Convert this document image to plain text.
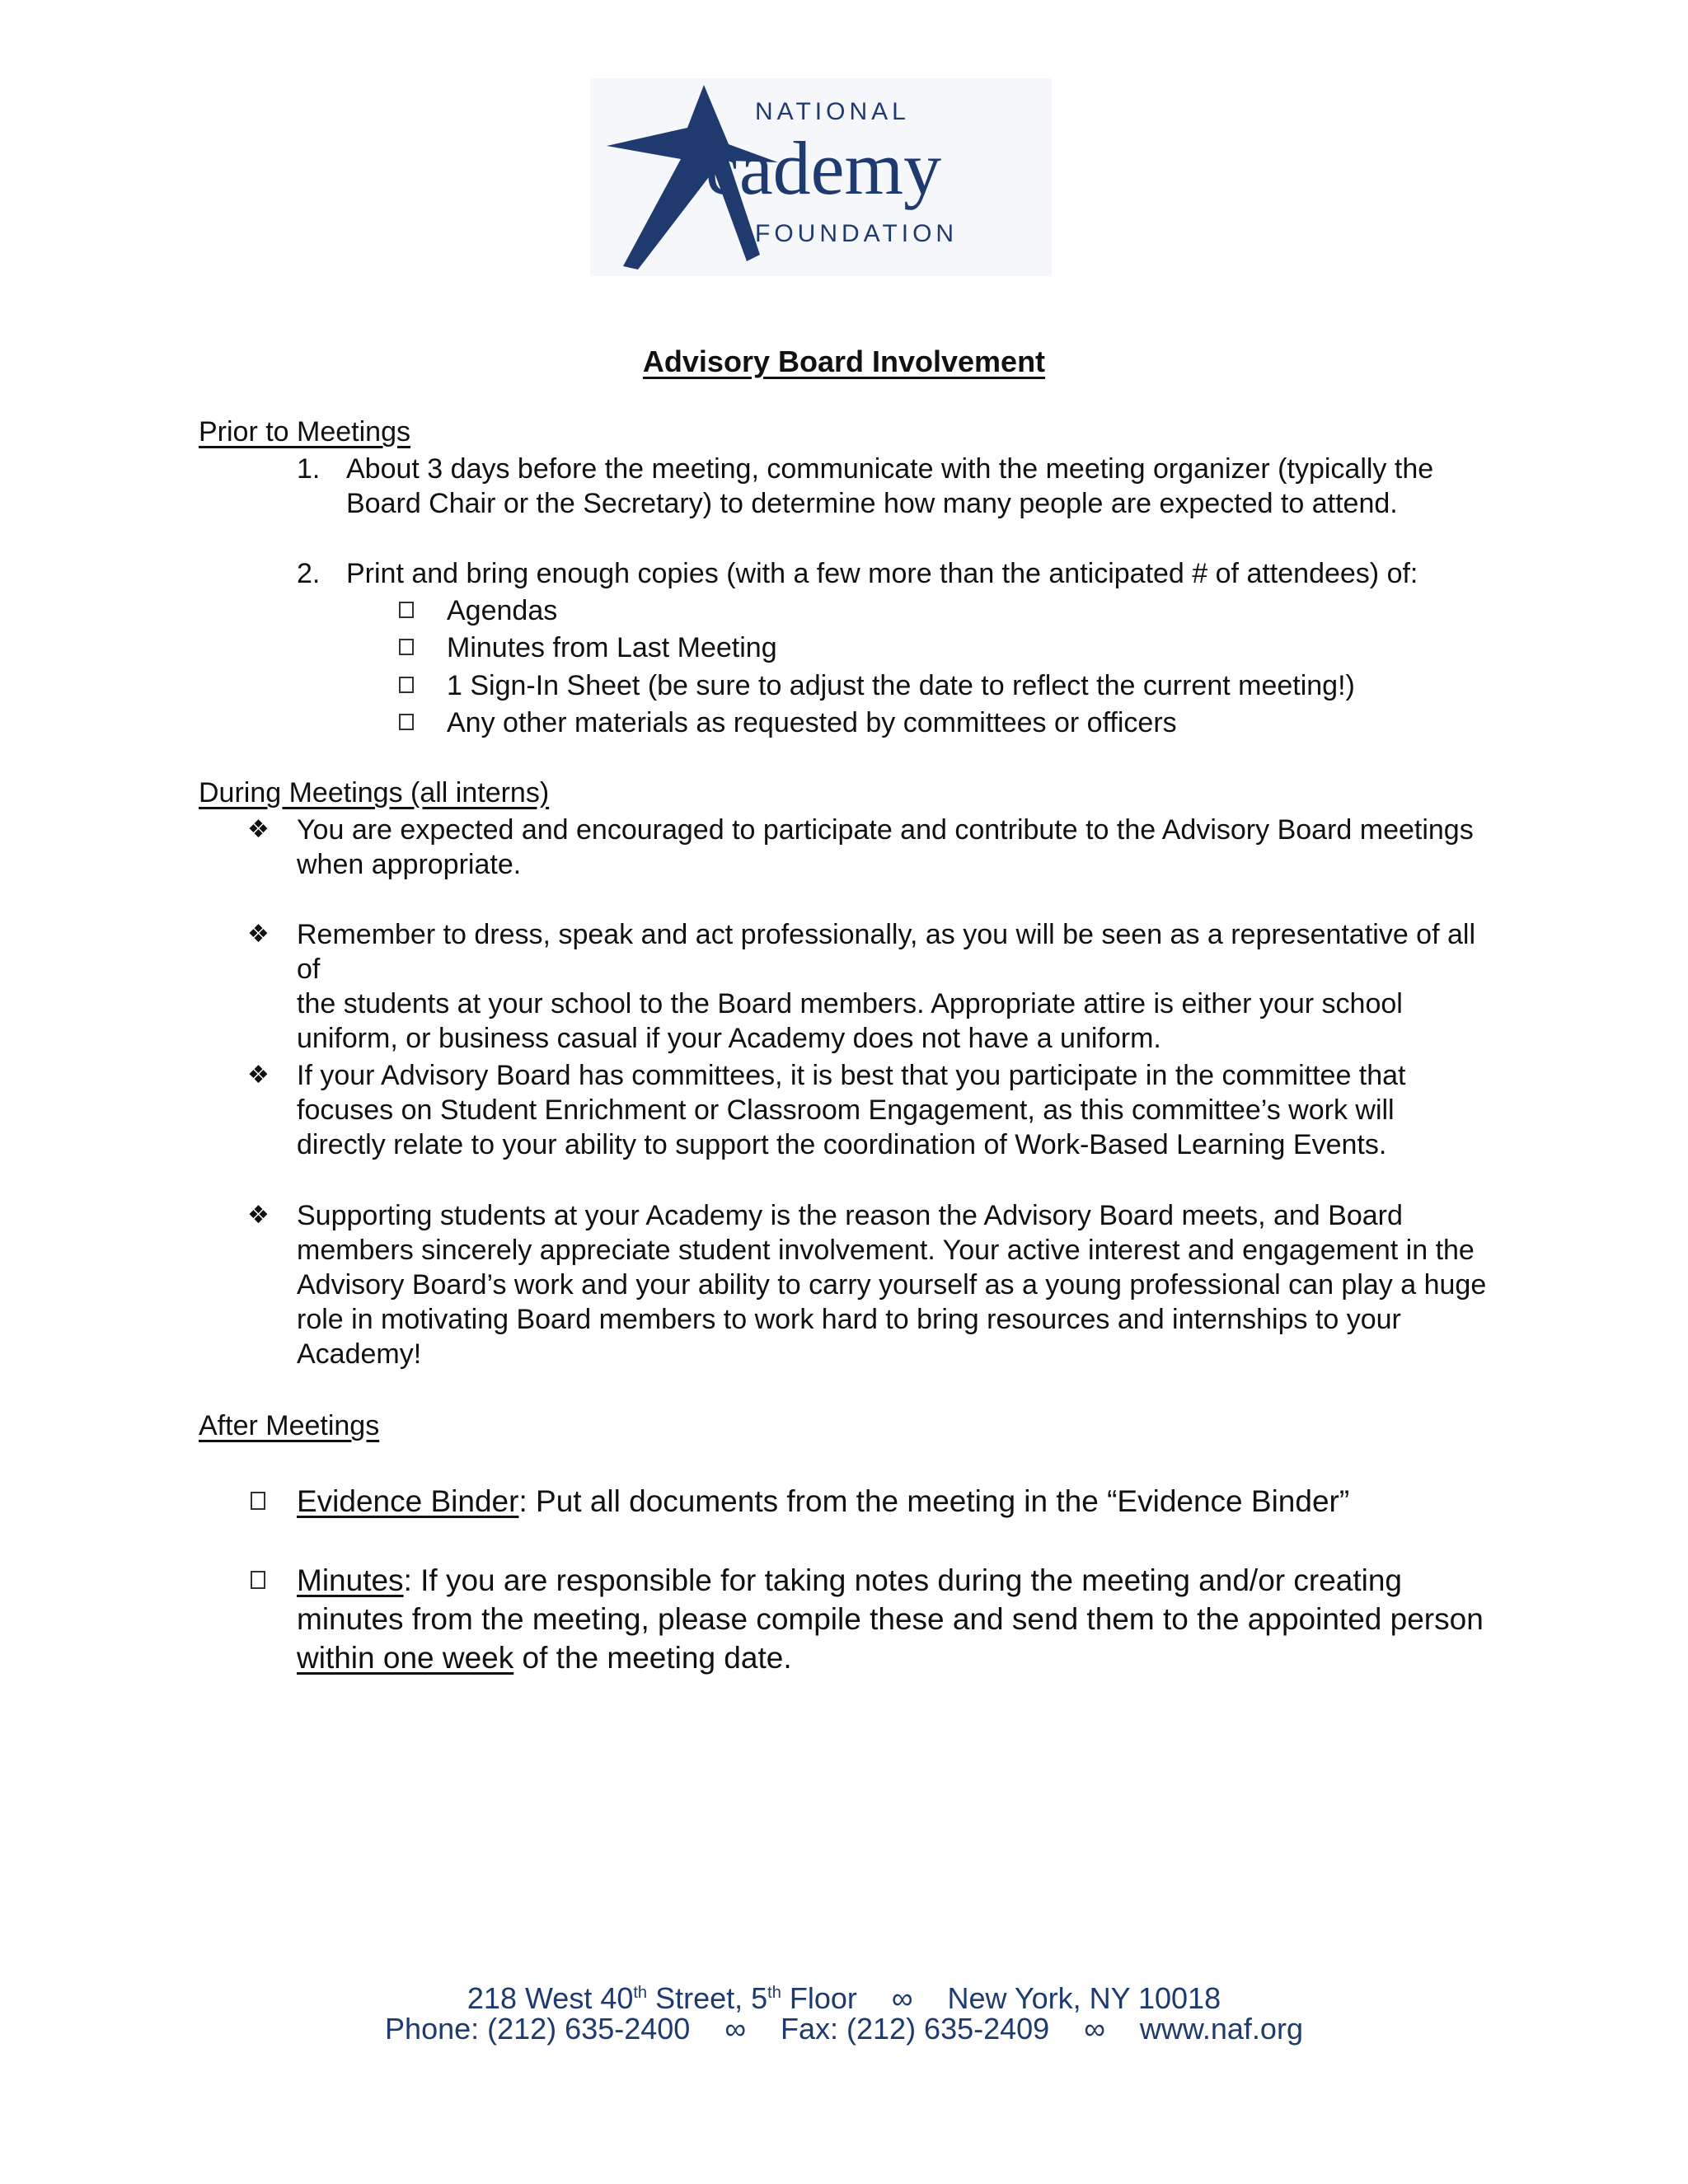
NATIONAL
cademy
FOUNDATION
Advisory Board Involvement
Prior to Meetings
1. About 3 days before the meeting, communicate with the meeting organizer (typically the
Board Chair or the Secretary) to determine how many people are expected to attend.
2. Print and bring enough copies (with a few more than the anticipated # of attendees) of:
Agendas
Minutes from Last Meeting
1 Sign-In Sheet (be sure to adjust the date to reflect the current meeting!)
Any other materials as requested by committees or officers
During Meetings (all interns)
❖ You are expected and encouraged to participate and contribute to the Advisory Board meetings
when appropriate.
❖ Remember to dress, speak and act professionally, as you will be seen as a representative of all of
the students at your school to the Board members. Appropriate attire is either your school
uniform, or business casual if your Academy does not have a uniform.
❖ If your Advisory Board has committees, it is best that you participate in the committee that
focuses on Student Enrichment or Classroom Engagement, as this committee’s work will
directly relate to your ability to support the coordination of Work-Based Learning Events.
❖ Supporting students at your Academy is the reason the Advisory Board meets, and Board
members sincerely appreciate student involvement. Your active interest and engagement in the
Advisory Board’s work and your ability to carry yourself as a young professional can play a huge
role in motivating Board members to work hard to bring resources and internships to your
Academy!
After Meetings
Evidence Binder: Put all documents from the meeting in the “Evidence Binder”
Minutes: If you are responsible for taking notes during the meeting and/or creating
minutes from the meeting, please compile these and send them to the appointed person
within one week of the meeting date.
218 West 40th Street, 5th Floor ∞ New York, NY 10018
Phone: (212) 635-2400 ∞ Fax: (212) 635-2409 ∞ www.naf.org
